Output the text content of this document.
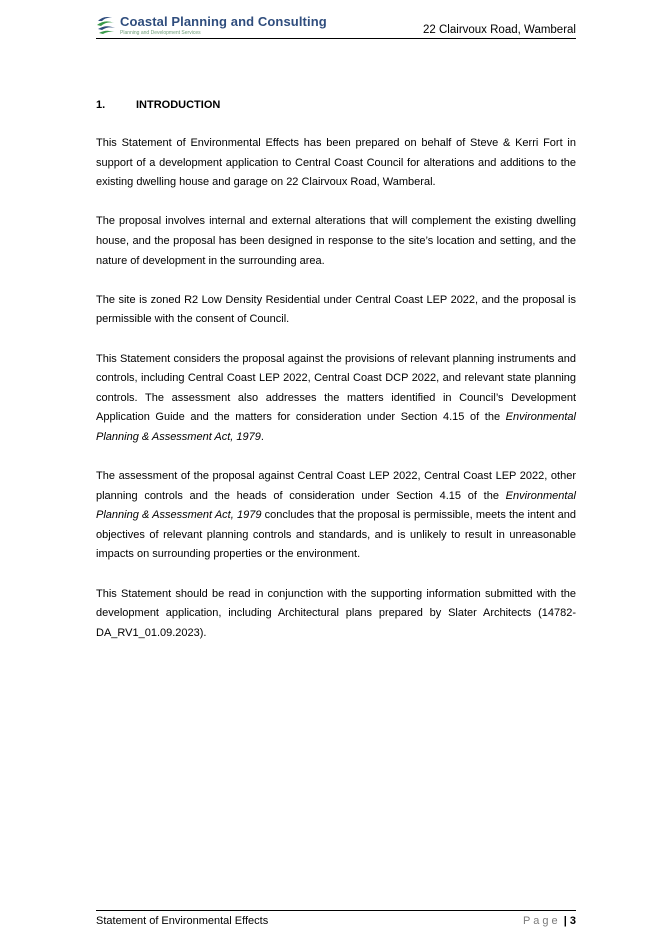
Coastal Planning and Consulting
Planning and Development Services	22 Clairvoux Road, Wamberal
1.	INTRODUCTION

This Statement of Environmental Effects has been prepared on behalf of Steve & Kerri Fort in support of a development application to Central Coast Council for alterations and additions to the existing dwelling house and garage on 22 Clairvoux Road, Wamberal.

The proposal involves internal and external alterations that will complement the existing dwelling house, and the proposal has been designed in response to the site’s location and setting, and the nature of development in the surrounding area.

The site is zoned R2 Low Density Residential under Central Coast LEP 2022, and the proposal is permissible with the consent of Council.

This Statement considers the proposal against the provisions of relevant planning instruments and controls, including Central Coast LEP 2022, Central Coast DCP 2022, and relevant state planning controls. The assessment also addresses the matters identified in Council’s Development Application Guide and the matters for consideration under Section 4.15 of the Environmental Planning & Assessment Act, 1979.

The assessment of the proposal against Central Coast LEP 2022, Central Coast LEP 2022, other planning controls and the heads of consideration under Section 4.15 of the Environmental Planning & Assessment Act, 1979 concludes that the proposal is permissible, meets the intent and objectives of relevant planning controls and standards, and is unlikely to result in unreasonable impacts on surrounding properties or the environment.

This Statement should be read in conjunction with the supporting information submitted with the development application, including Architectural plans prepared by Slater Architects (14782-DA_RV1_01.09.2023).

Statement of Environmental Effects	Page | 3
